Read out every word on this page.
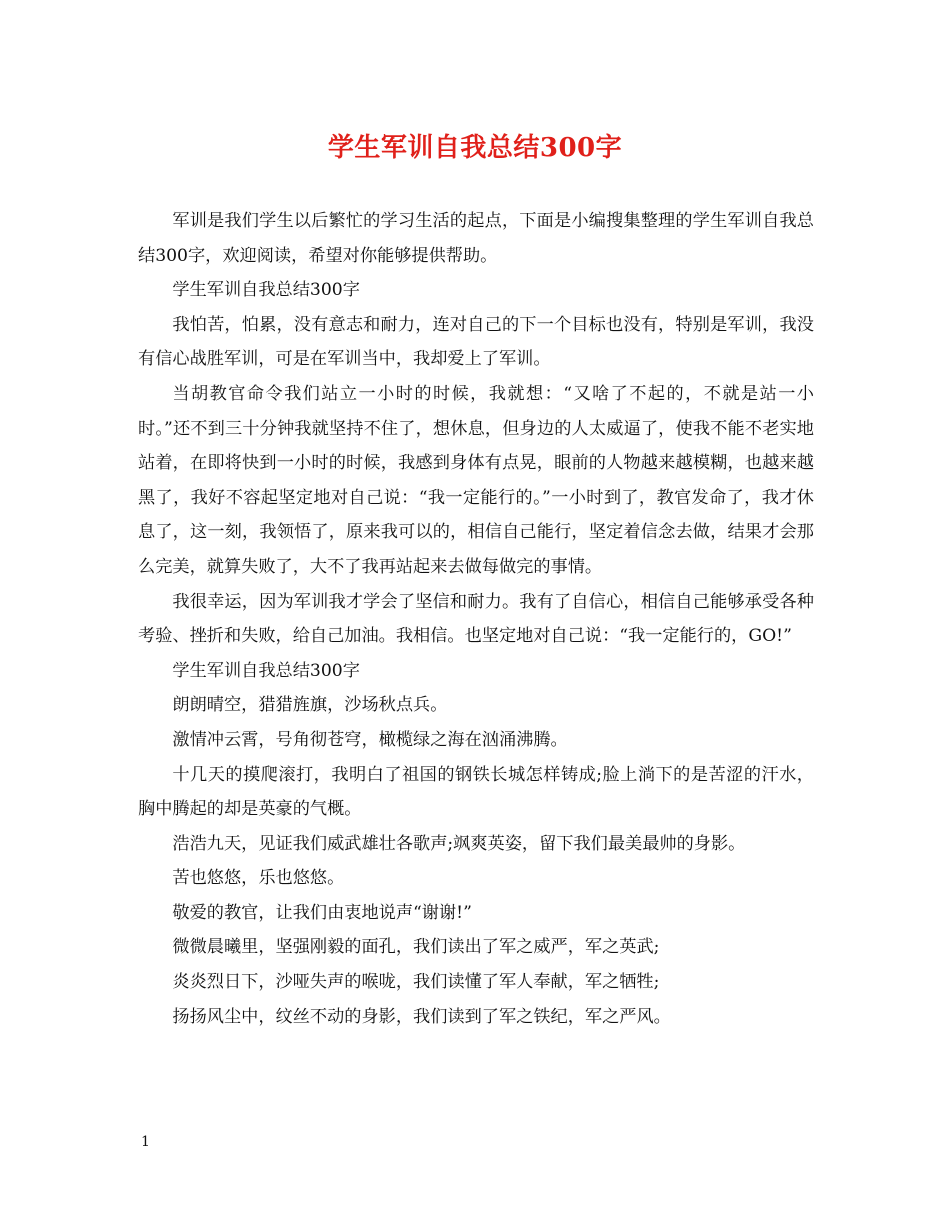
学生军训自我总结300字

军训是我们学生以后繁忙的学习生活的起点，下面是小编搜集整理的学生军训自我总结300字，欢迎阅读，希望对你能够提供帮助。

学生军训自我总结300字

我怕苦，怕累，没有意志和耐力，连对自己的下一个目标也没有，特别是军训，我没有信心战胜军训，可是在军训当中，我却爱上了军训。

当胡教官命令我们站立一小时的时候，我就想：“又啥了不起的，不就是站一小时。”还不到三十分钟我就坚持不住了，想休息，但身边的人太威逼了，使我不能不老实地站着，在即将快到一小时的时候，我感到身体有点晃，眼前的人物越来越模糊，也越来越黑了，我好不容起坚定地对自己说：“我一定能行的。”一小时到了，教官发命了，我才休息了，这一刻，我领悟了，原来我可以的，相信自己能行，坚定着信念去做，结果才会那么完美，就算失败了，大不了我再站起来去做每做完的事情。

我很幸运，因为军训我才学会了坚信和耐力。我有了自信心，相信自己能够承受各种考验、挫折和失败，给自己加油。我相信。也坚定地对自己说：“我一定能行的，GO!”

学生军训自我总结300字

朗朗晴空，猎猎旌旗，沙场秋点兵。

激情冲云霄，号角彻苍穹，橄榄绿之海在汹涌沸腾。

十几天的摸爬滚打，我明白了祖国的钢铁长城怎样铸成;脸上淌下的是苦涩的汗水，胸中腾起的却是英豪的气概。

浩浩九天，见证我们威武雄壮各歌声;飒爽英姿，留下我们最美最帅的身影。

苦也悠悠，乐也悠悠。

敬爱的教官，让我们由衷地说声“谢谢!”

微微晨曦里，坚强刚毅的面孔，我们读出了军之威严，军之英武;

炎炎烈日下，沙哑失声的喉咙，我们读懂了军人奉献，军之牺牲;

扬扬风尘中，纹丝不动的身影，我们读到了军之铁纪，军之严风。

1
